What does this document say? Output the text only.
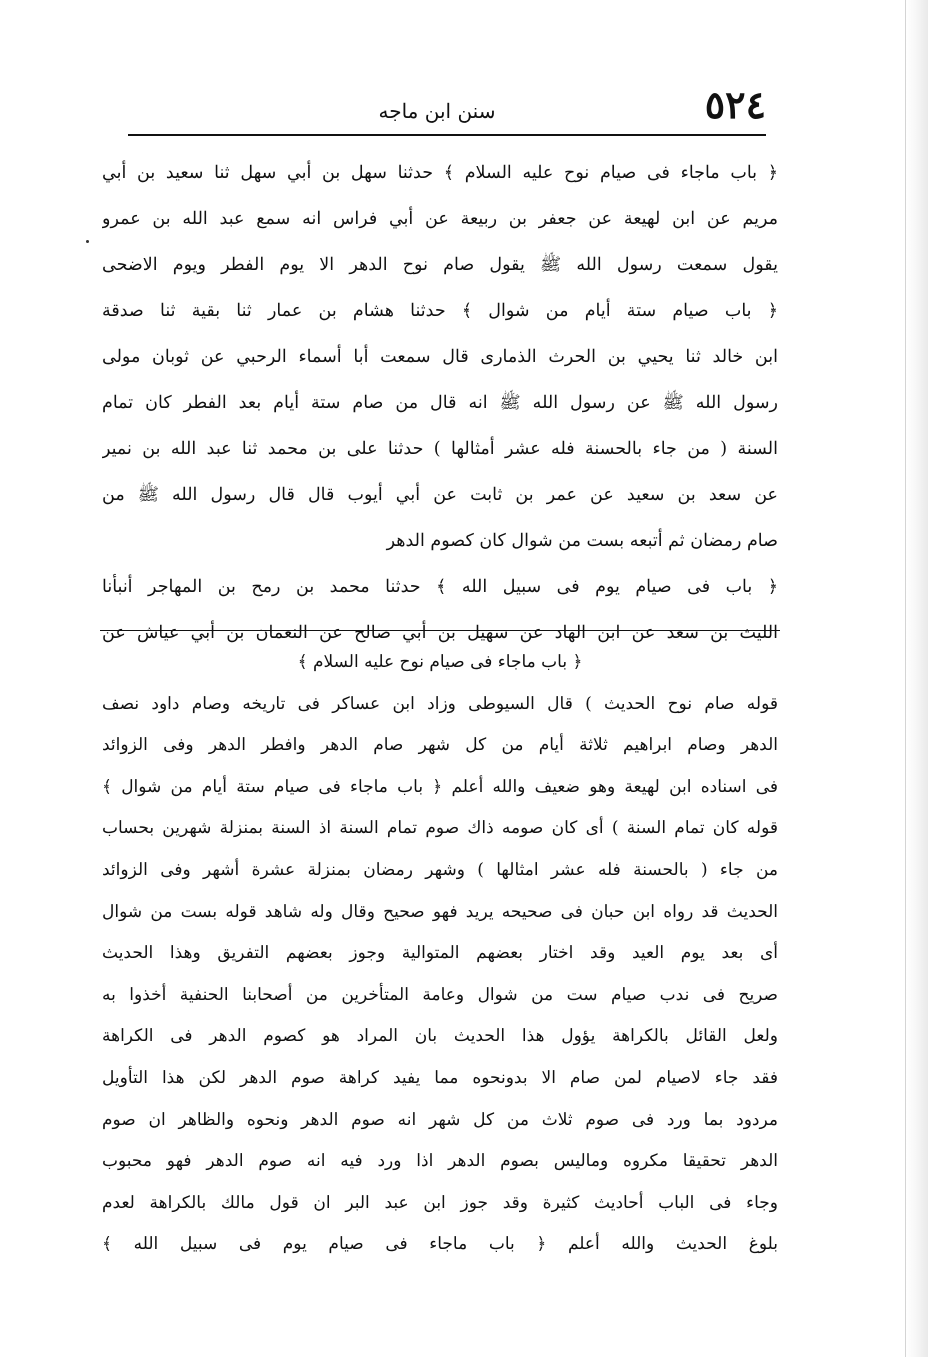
٥٢٤
سنن ابن ماجه
﴿ باب ماجاء فى صيام نوح عليه السلام ﴾ حدثنا سهل بن أبي سهل ثنا سعيد بن أبي
مريم عن ابن لهيعة عن جعفر بن ربيعة عن أبي فراس انه سمع عبد الله بن عمرو
يقول سمعت رسول الله ﷺ يقول صام نوح الدهر الا يوم الفطر ويوم الاضحى
﴿ باب صيام ستة أيام من شوال ﴾ حدثنا هشام بن عمار ثنا بقية ثنا صدقة
ابن خالد ثنا يحيي بن الحرث الذمارى قال سمعت أبا أسماء الرحبي عن ثوبان مولى
رسول الله ﷺ عن رسول الله ﷺ انه قال من صام ستة أيام بعد الفطر كان تمام
السنة ( من جاء بالحسنة فله عشر أمثالها ) حدثنا على بن محمد ثنا عبد الله بن نمير
عن سعد بن سعيد عن عمر بن ثابت عن أبي أيوب قال قال رسول الله ﷺ من
صام رمضان ثم أتبعه بست من شوال كان كصوم الدهر
﴿ باب فى صيام يوم فى سبيل الله ﴾ حدثنا محمد بن رمح بن المهاجر أنبأنا
الليث بن سعد عن ابن الهاد عن سهيل بن أبي صالح عن النعمان بن أبي عياش عن
﴿ باب ماجاء فى صيام نوح عليه السلام ﴾
قوله صام نوح الحديث ) قال السيوطى وزاد ابن عساكر فى تاريخه وصام داود نصف
الدهر وصام ابراهيم ثلاثة أيام من كل شهر صام الدهر وافطر الدهر وفى الزوائد
فى اسناده ابن لهيعة وهو ضعيف والله أعلم ﴿ باب ماجاء فى صيام ستة أيام من شوال ﴾
قوله كان تمام السنة ) أى كان صومه ذاك صوم تمام السنة اذ السنة بمنزلة شهرين بحساب
من جاء ( بالحسنة فله عشر امثالها ) وشهر رمضان بمنزلة عشرة أشهر وفى الزوائد
الحديث قد رواه ابن حبان فى صحيحه يريد فهو صحيح وقال وله شاهد قوله بست من شوال
أى بعد يوم العيد وقد اختار بعضهم المتوالية وجوز بعضهم التفريق وهذا الحديث
صريح فى ندب صيام ست من شوال وعامة المتأخرين من أصحابنا الحنفية أخذوا به
ولعل القائل بالكراهة يؤول هذا الحديث بان المراد هو كصوم الدهر فى الكراهة
فقد جاء لاصيام لمن صام الا بدونحوه مما يفيد كراهة صوم الدهر لكن هذا التأويل
مردود بما ورد فى صوم ثلاث من كل شهر انه صوم الدهر ونحوه والظاهر ان صوم
الدهر تحقيقا مكروه وماليس بصوم الدهر اذا ورد فيه انه صوم الدهر فهو محبوب
وجاء فى الباب أحاديث كثيرة وقد جوز ابن عبد البر ان قول مالك بالكراهة لعدم
بلوغ الحديث والله أعلم ﴿ باب ماجاء فى صيام يوم فى سبيل الله ﴾
